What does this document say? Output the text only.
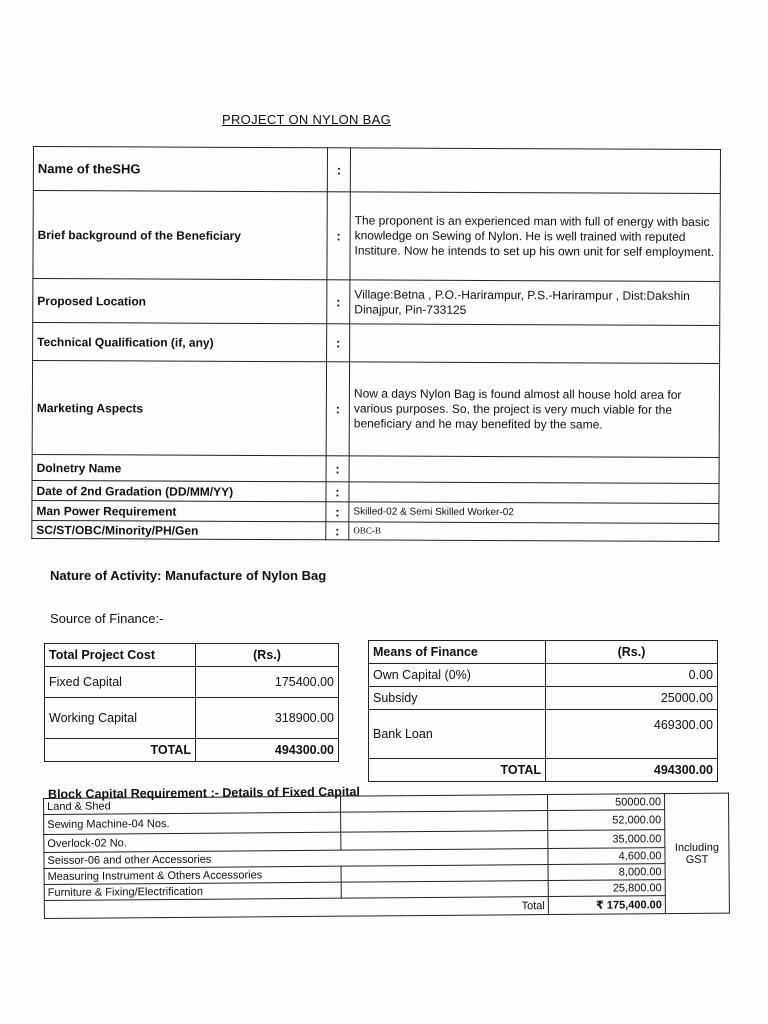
PROJECT ON NYLON BAG
Name of theSHG	:	
Brief background of the Beneficiary	:	The proponent is an experienced man with full of energy with basic knowledge on Sewing of Nylon. He is well trained with reputed Institure. Now he intends to set up his own unit for self employment.
Proposed Location	:	Village:Betna , P.O.-Harirampur, P.S.-Harirampur , Dist:Dakshin Dinajpur, Pin-733125
Technical Qualification (if, any)	:	
Marketing Aspects	:	Now a days Nylon Bag is found almost all house hold area for various purposes. So, the project is very much viable for the beneficiary and he may benefited by the same.
Dolnetry Name	:	
Date of 2nd Gradation (DD/MM/YY)	:	
Man Power Requirement	:	Skilled-02 & Semi Skilled Worker-02
SC/ST/OBC/Minority/PH/Gen	:	OBC-B
Nature of Activity: Manufacture of Nylon Bag
Source of Finance:-
Total Project Cost	(Rs.)
Fixed Capital	175400.00
Working Capital	318900.00
TOTAL	494300.00
Means of Finance	(Rs.)
Own Capital (0%)	0.00
Subsidy	25000.00
Bank Loan	469300.00
TOTAL	494300.00
Block Capital Requirement :- Details of Fixed Capital
Land & Shed		50000.00	Including GST
Sewing Machine-04 Nos.		52,000.00	
Overlock-02 No.		35,000.00	
Seissor-06 and other Accessories		4,600.00	
Measuring Instrument & Others Accessories		8,000.00	
Furniture & Fixing/Electrification		25,800.00	
Total		₹ 175,400.00	
